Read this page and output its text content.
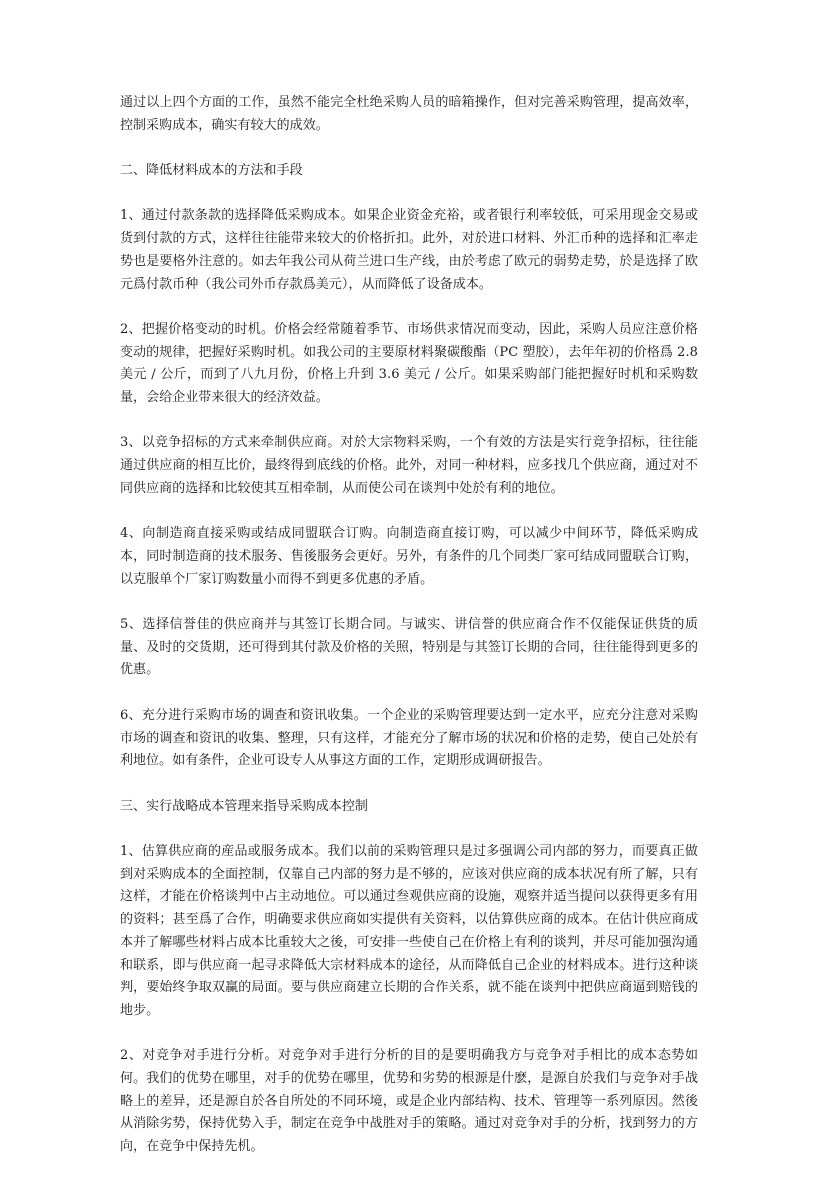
通过以上四个方面的工作，虽然不能完全杜绝采购人员的暗箱操作，但对完善采购管理，提高效率，控制采购成本，确实有较大的成效。

二、降低材料成本的方法和手段

1、通过付款条款的选择降低采购成本。如果企业资金充裕，或者银行利率较低，可采用现金交易或货到付款的方式，这样往往能带来较大的价格折扣。此外，对於进口材料、外汇币种的选择和汇率走势也是要格外注意的。如去年我公司从荷兰进口生产线，由於考虑了欧元的弱势走势，於是选择了欧元爲付款币种（我公司外币存款爲美元），从而降低了设备成本。

2、把握价格变动的时机。价格会经常随着季节、市场供求情况而变动，因此，采购人员应注意价格变动的规律，把握好采购时机。如我公司的主要原材料聚碳酸酯（PC 塑胶），去年年初的价格爲 2.8 美元 / 公斤，而到了八九月份，价格上升到 3.6 美元 / 公斤。如果采购部门能把握好时机和采购数量，会给企业带来很大的经济效益。

3、以竞争招标的方式来牵制供应商。对於大宗物料采购，一个有效的方法是实行竞争招标，往往能通过供应商的相互比价，最终得到底线的价格。此外，对同一种材料，应多找几个供应商，通过对不同供应商的选择和比较使其互相牵制，从而使公司在谈判中处於有利的地位。

4、向制造商直接采购或结成同盟联合订购。向制造商直接订购，可以减少中间环节，降低采购成本，同时制造商的技术服务、售後服务会更好。另外，有条件的几个同类厂家可结成同盟联合订购，以克服单个厂家订购数量小而得不到更多优惠的矛盾。

5、选择信誉佳的供应商并与其签订长期合同。与诚实、讲信誉的供应商合作不仅能保证供货的质量、及时的交货期，还可得到其付款及价格的关照，特别是与其签订长期的合同，往往能得到更多的优惠。

6、充分进行采购市场的调查和资讯收集。一个企业的采购管理要达到一定水平，应充分注意对采购市场的调查和资讯的收集、整理，只有这样，才能充分了解市场的状况和价格的走势，使自己处於有利地位。如有条件，企业可设专人从事这方面的工作，定期形成调研报告。

三、实行战略成本管理来指导采购成本控制

1、估算供应商的産品或服务成本。我们以前的采购管理只是过多强调公司内部的努力，而要真正做到对采购成本的全面控制，仅靠自己内部的努力是不够的，应该对供应商的成本状况有所了解，只有这样，才能在价格谈判中占主动地位。可以通过叁观供应商的设施，观察并适当提问以获得更多有用的资料；甚至爲了合作，明确要求供应商如实提供有关资料，以估算供应商的成本。在估计供应商成本并了解哪些材料占成本比重较大之後，可安排一些使自己在价格上有利的谈判，并尽可能加强沟通和联系，即与供应商一起寻求降低大宗材料成本的途径，从而降低自己企业的材料成本。进行这种谈判，要始终争取双赢的局面。要与供应商建立长期的合作关系，就不能在谈判中把供应商逼到赔钱的地步。

2、对竞争对手进行分析。对竞争对手进行分析的目的是要明确我方与竞争对手相比的成本态势如何。我们的优势在哪里，对手的优势在哪里，优势和劣势的根源是什麽，是源自於我们与竞争对手战略上的差异，还是源自於各自所处的不同环境，或是企业内部结构、技术、管理等一系列原因。然後从消除劣势，保持优势入手，制定在竞争中战胜对手的策略。通过对竞争对手的分析，找到努力的方向，在竞争中保持先机。
